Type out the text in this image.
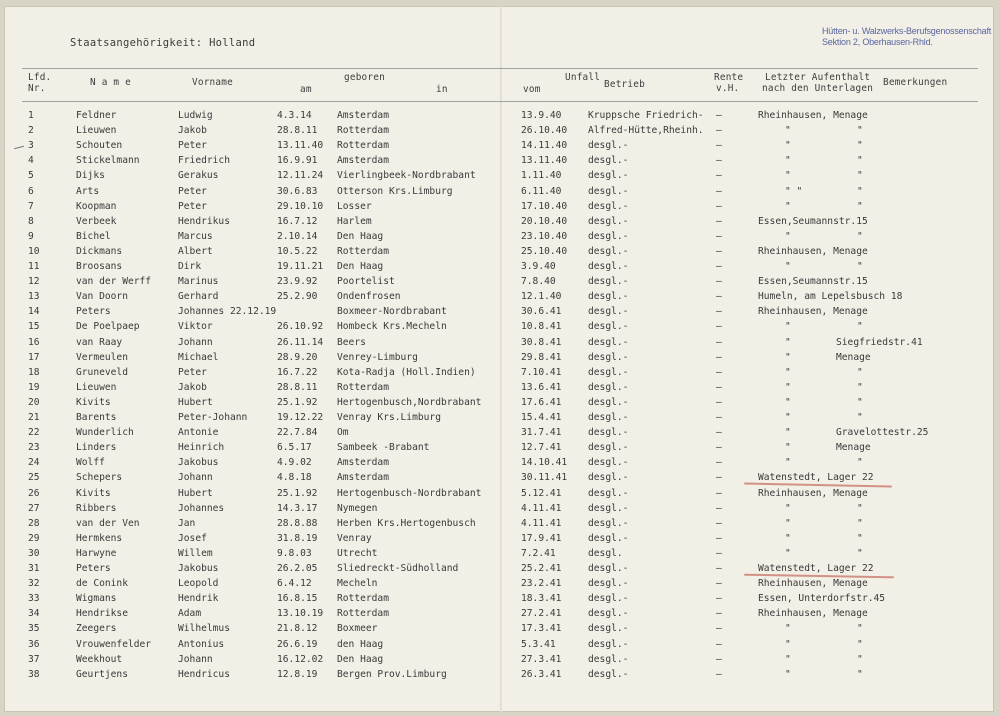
Staatsangehörigkeit: Holland
Hütten- u. Walzwerks-Berufsgenossenschaft
Sektion 2, Oberhausen-Rhld.
Lfd.
Nr.
N a m e	Vorname	geboren
am	in
Unfall
vom	Betrieb
Rente
v.H.
Letzter Aufenthalt
nach den Unterlagen
Bemerkungen
1	Feldner	Ludwig	4.3.14	Amsterdam	13.9.40	Kruppsche Friedrich- –	Rheinhausen, Menage
2	Lieuwen	Jakob	28.8.11 Rotterdam	26.10.40 Alfred-Hütte,Rheinh. –	"	"
3	Schouten	Peter	13.11.40 Rotterdam	14.11.40 desgl.-	–	"	"
4	Stickelmann	Friedrich	16.9.91 Amsterdam	13.11.40 desgl.-	–	"	"
5	Dijks	Gerakus	12.11.24 Vierlingbeek-Nordbrabant	1.11.40	desgl.-	–	"	"
6	Arts	Peter	30.6.83 Otterson Krs.Limburg	6.11.40	desgl.-	–	" "	"
7	Koopman	Peter	29.10.10 Losser	17.10.40 desgl.-	–	"	"
8	Verbeek	Hendrikus	16.7.12 Harlem	20.10.40 desgl.-	–	Essen,Seumannstr.15
9	Bichel	Marcus	2.10.14 Den Haag	23.10.40 desgl.-	–	"	"
10	Dickmans	Albert	10.5.22 Rotterdam	25.10.40 desgl.-	–	Rheinhausen, Menage
11	Broosans	Dirk	19.11.21 Den Haag	3.9.40	desgl.-	–	"	"
12	van der Werff	Marinus	23.9.92 Poortelist	7.8.40	desgl.-	–	Essen,Seumannstr.15
13	Van Doorn	Gerhard	25.2.90 Ondenfrosen	12.1.40	desgl.-	–	Humeln, am Lepelsbusch 18
14	Peters	Johannes 22.12.19	Boxmeer-Nordbrabant	30.6.41	desgl.-	–	Rheinhausen, Menage
15	De Poelpaep	Viktor	26.10.92 Hombeck Krs.Mecheln	10.8.41	desgl.-	–	"	"
16	van Raay	Johann	26.11.14 Beers	30.8.41	desgl.-	–	"	Siegfriedstr.41
17	Vermeulen	Michael	28.9.20 Venrey-Limburg	29.8.41	desgl.-	–	"	Menage
18	Gruneveld	Peter	16.7.22 Kota-Radja (Holl.Indien)	7.10.41	desgl.-	–	"	"
19	Lieuwen	Jakob	28.8.11 Rotterdam	13.6.41	desgl.-	–	"	"
20	Kivits	Hubert	25.1.92 Hertogenbusch,Nordbrabant	17.6.41	desgl.-	–	"	"
21	Barents	Peter-Johann	19.12.22 Venray Krs.Limburg	15.4.41	desgl.-	–	"	"
22	Wunderlich	Antonie	22.7.84 Om	31.7.41	desgl.-	–	"	Gravelottestr.25
23	Linders	Heinrich	6.5.17	Sambeek -Brabant	12.7.41	desgl.-	–	"	Menage
24	Wolff	Jakobus	4.9.02	Amsterdam	14.10.41 desgl.-	–	"	"
25	Schepers	Johann	4.8.18	Amsterdam	30.11.41 desgl.-	–	Watenstedt, Lager 22
26	Kivits	Hubert	25.1.92 Hertogenbusch-Nordbrabant	5.12.41	desgl.-	–	Rheinhausen, Menage
27	Ribbers	Johannes	14.3.17 Nymegen	4.11.41	desgl.-	–	"	"
28	van der Ven	Jan	28.8.88 Herben Krs.Hertogenbusch	4.11.41	desgl.-	–	"	"
29	Hermkens	Josef	31.8.19 Venray	17.9.41	desgl.-	–	"	"
30	Harwyne	Willem	9.8.03	Utrecht	7.2.41	desgl.	–	"	"
31	Peters	Jakobus	26.2.05 Sliedreckt-Südholland	25.2.41	desgl.-	–	Watenstedt, Lager 22
32	de Conink	Leopold	6.4.12	Mecheln	23.2.41	desgl.-	–	Rheinhausen, Menage
33	Wigmans	Hendrik	16.8.15 Rotterdam	18.3.41	desgl.-	–	Essen, Unterdorfstr.45
34	Hendrikse	Adam	13.10.19 Rotterdam	27.2.41	desgl.-	–	Rheinhausen, Menage
35	Zeegers	Wilhelmus	21.8.12 Boxmeer	17.3.41	desgl.-	–	"	"
36	Vrouwenfelder	Antonius	26.6.19 den Haag	5.3.41	desgl.-	–	"	"
37	Weekhout	Johann	16.12.02 Den Haag	27.3.41	desgl.-	–	"	"
38	Geurtjens	Hendricus	12.8.19 Bergen Prov.Limburg	26.3.41	desgl.-	–	"	"
